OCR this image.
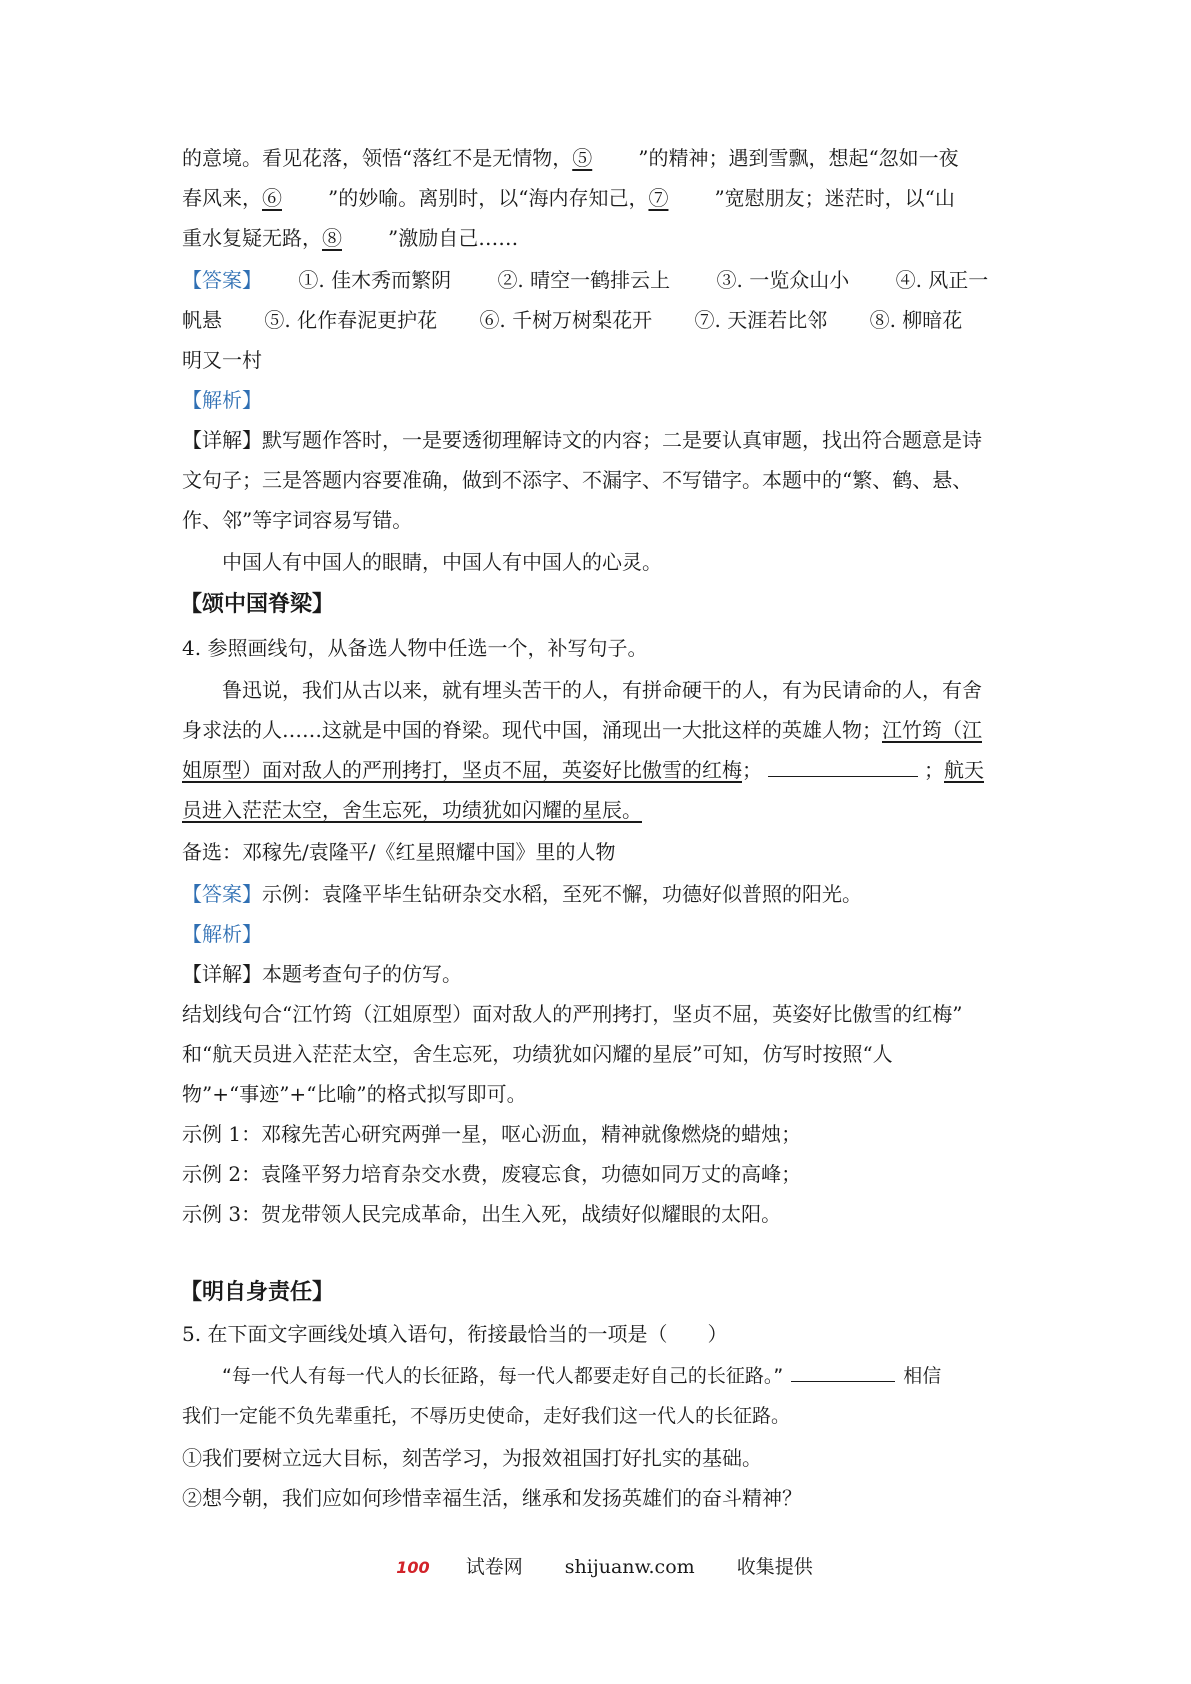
的意境。看见花落，领悟“落红不是无情物，⑤ ”的精神；遇到雪飘，想起“忽如一夜
春风来，⑥ ”的妙喻。离别时，以“海内存知己，⑦ ”宽慰朋友；迷茫时，以“山
重水复疑无路，⑧ ”激励自己……
【答案】 ①. 佳木秀而繁阴 ②. 晴空一鹤排云上 ③. 一览众山小 ④. 风正一
帆悬 ⑤. 化作春泥更护花 ⑥. 千树万树梨花开 ⑦. 天涯若比邻 ⑧. 柳暗花
明又一村
【解析】
【详解】默写题作答时，一是要透彻理解诗文的内容；二是要认真审题，找出符合题意是诗
文句子；三是答题内容要准确，做到不添字、不漏字、不写错字。本题中的“繁、鹤、悬、
作、邻”等字词容易写错。
中国人有中国人的眼睛，中国人有中国人的心灵。
【颂中国脊梁】
4. 参照画线句，从备选人物中任选一个，补写句子。
鲁迅说，我们从古以来，就有埋头苦干的人，有拼命硬干的人，有为民请命的人，有舍
身求法的人……这就是中国的脊梁。现代中国，涌现出一大批这样的英雄人物；江竹筠（江
姐原型）面对敌人的严刑拷打，坚贞不屈，英姿好比傲雪的红梅；	；航天
员进入茫茫太空，舍生忘死，功绩犹如闪耀的星辰。
备选：邓稼先/袁隆平/《红星照耀中国》里的人物
【答案】示例：袁隆平毕生钻研杂交水稻，至死不懈，功德好似普照的阳光。
【解析】
【详解】本题考查句子的仿写。
结划线句合“江竹筠（江姐原型）面对敌人的严刑拷打，坚贞不屈，英姿好比傲雪的红梅”
和“航天员进入茫茫太空，舍生忘死，功绩犹如闪耀的星辰”可知，仿写时按照“人
物”+“事迹”+“比喻”的格式拟写即可。
示例 1：邓稼先苦心研究两弹一星，呕心沥血，精神就像燃烧的蜡烛；
示例 2：袁隆平努力培育杂交水费，废寝忘食，功德如同万丈的高峰；
示例 3：贺龙带领人民完成革命，出生入死，战绩好似耀眼的太阳。
【明自身责任】
5. 在下面文字画线处填入语句，衔接最恰当的一项是（　　）
“每一代人有每一代人的长征路，每一代人都要走好自己的长征路。”	相信
我们一定能不负先辈重托，不辱历史使命，走好我们这一代人的长征路。
①我们要树立远大目标，刻苦学习，为报效祖国打好扎实的基础。
②想今朝，我们应如何珍惜幸福生活，继承和发扬英雄们的奋斗精神？
100 试卷网 shijuanw.com 收集提供
